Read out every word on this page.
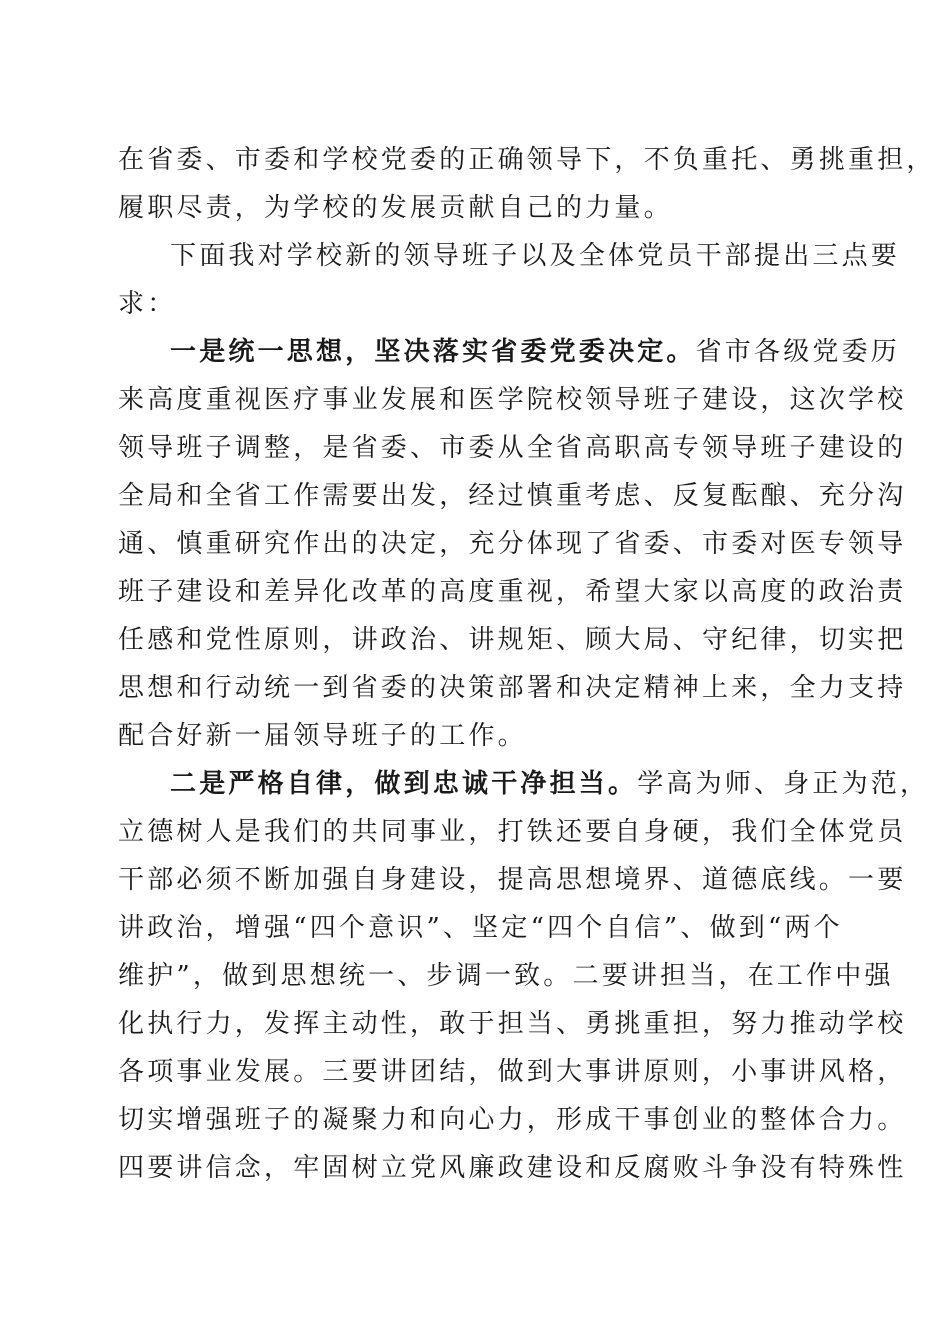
在省委、市委和学校党委的正确领导下，不负重托、勇挑重担，
履职尽责，为学校的发展贡献自己的力量。
下面我对学校新的领导班子以及全体党员干部提出三点要
求：
一是统一思想，坚决落实省委党委决定。省市各级党委历
来高度重视医疗事业发展和医学院校领导班子建设，这次学校
领导班子调整，是省委、市委从全省高职高专领导班子建设的
全局和全省工作需要出发，经过慎重考虑、反复酝酿、充分沟
通、慎重研究作出的决定，充分体现了省委、市委对医专领导
班子建设和差异化改革的高度重视，希望大家以高度的政治责
任感和党性原则，讲政治、讲规矩、顾大局、守纪律，切实把
思想和行动统一到省委的决策部署和决定精神上来，全力支持
配合好新一届领导班子的工作。
二是严格自律，做到忠诚干净担当。学高为师、身正为范，
立德树人是我们的共同事业，打铁还要自身硬，我们全体党员
干部必须不断加强自身建设，提高思想境界、道德底线。一要
讲政治，增强“四个意识”、坚定“四个自信”、做到“两个
维护”，做到思想统一、步调一致。二要讲担当，在工作中强
化执行力，发挥主动性，敢于担当、勇挑重担，努力推动学校
各项事业发展。三要讲团结，做到大事讲原则，小事讲风格，
切实增强班子的凝聚力和向心力，形成干事创业的整体合力。
四要讲信念，牢固树立党风廉政建设和反腐败斗争没有特殊性
